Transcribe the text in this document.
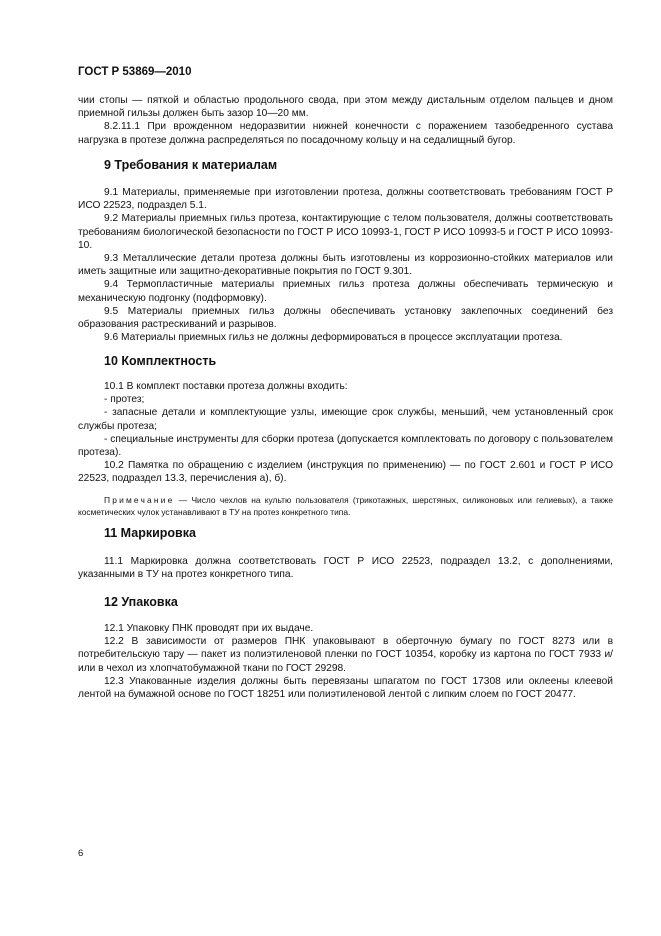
ГОСТ Р 53869—2010

чии стопы — пяткой и областью продольного свода, при этом между дистальным отделом пальцев и дном приемной гильзы должен быть зазор 10—20 мм.

8.2.11.1 При врожденном недоразвитии нижней конечности с поражением тазобедренного сустава нагрузка в протезе должна распределяться по посадочному кольцу и на седалищный бугор.

9 Требования к материалам

9.1 Материалы, применяемые при изготовлении протеза, должны соответствовать требованиям ГОСТ Р ИСО 22523, подраздел 5.1.

9.2 Материалы приемных гильз протеза, контактирующие с телом пользователя, должны соответствовать требованиям биологической безопасности по ГОСТ Р ИСО 10993-1, ГОСТ Р ИСО 10993-5 и ГОСТ Р ИСО 10993-10.

9.3 Металлические детали протеза должны быть изготовлены из коррозионно-стойких материалов или иметь защитные или защитно-декоративные покрытия по ГОСТ 9.301.

9.4 Термопластичные материалы приемных гильз протеза должны обеспечивать термическую и механическую подгонку (подформовку).

9.5 Материалы приемных гильз должны обеспечивать установку заклепочных соединений без образования растрескиваний и разрывов.

9.6 Материалы приемных гильз не должны деформироваться в процессе эксплуатации протеза.

10 Комплектность

10.1 В комплект поставки протеза должны входить:

- протез;

- запасные детали и комплектующие узлы, имеющие срок службы, меньший, чем установленный срок службы протеза;

- специальные инструменты для сборки протеза (допускается комплектовать по договору с пользователем протеза).

10.2 Памятка по обращению с изделием (инструкция по применению) — по ГОСТ 2.601 и ГОСТ Р ИСО 22523, подраздел 13.3, перечисления а), б).

Примечание — Число чехлов на культю пользователя (трикотажных, шерстяных, силиконовых или гелиевых), а также косметических чулок устанавливают в ТУ на протез конкретного типа.

11 Маркировка

11.1 Маркировка должна соответствовать ГОСТ Р ИСО 22523, подраздел 13.2, с дополнениями, указанными в ТУ на протез конкретного типа.

12 Упаковка

12.1 Упаковку ПНК проводят при их выдаче.

12.2 В зависимости от размеров ПНК упаковывают в оберточную бумагу по ГОСТ 8273 или в потребительскую тару — пакет из полиэтиленовой пленки по ГОСТ 10354, коробку из картона по ГОСТ 7933 и/или в чехол из хлопчатобумажной ткани по ГОСТ 29298.

12.3 Упакованные изделия должны быть перевязаны шпагатом по ГОСТ 17308 или оклеены клеевой лентой на бумажной основе по ГОСТ 18251 или полиэтиленовой лентой с липким слоем по ГОСТ 20477.

6
